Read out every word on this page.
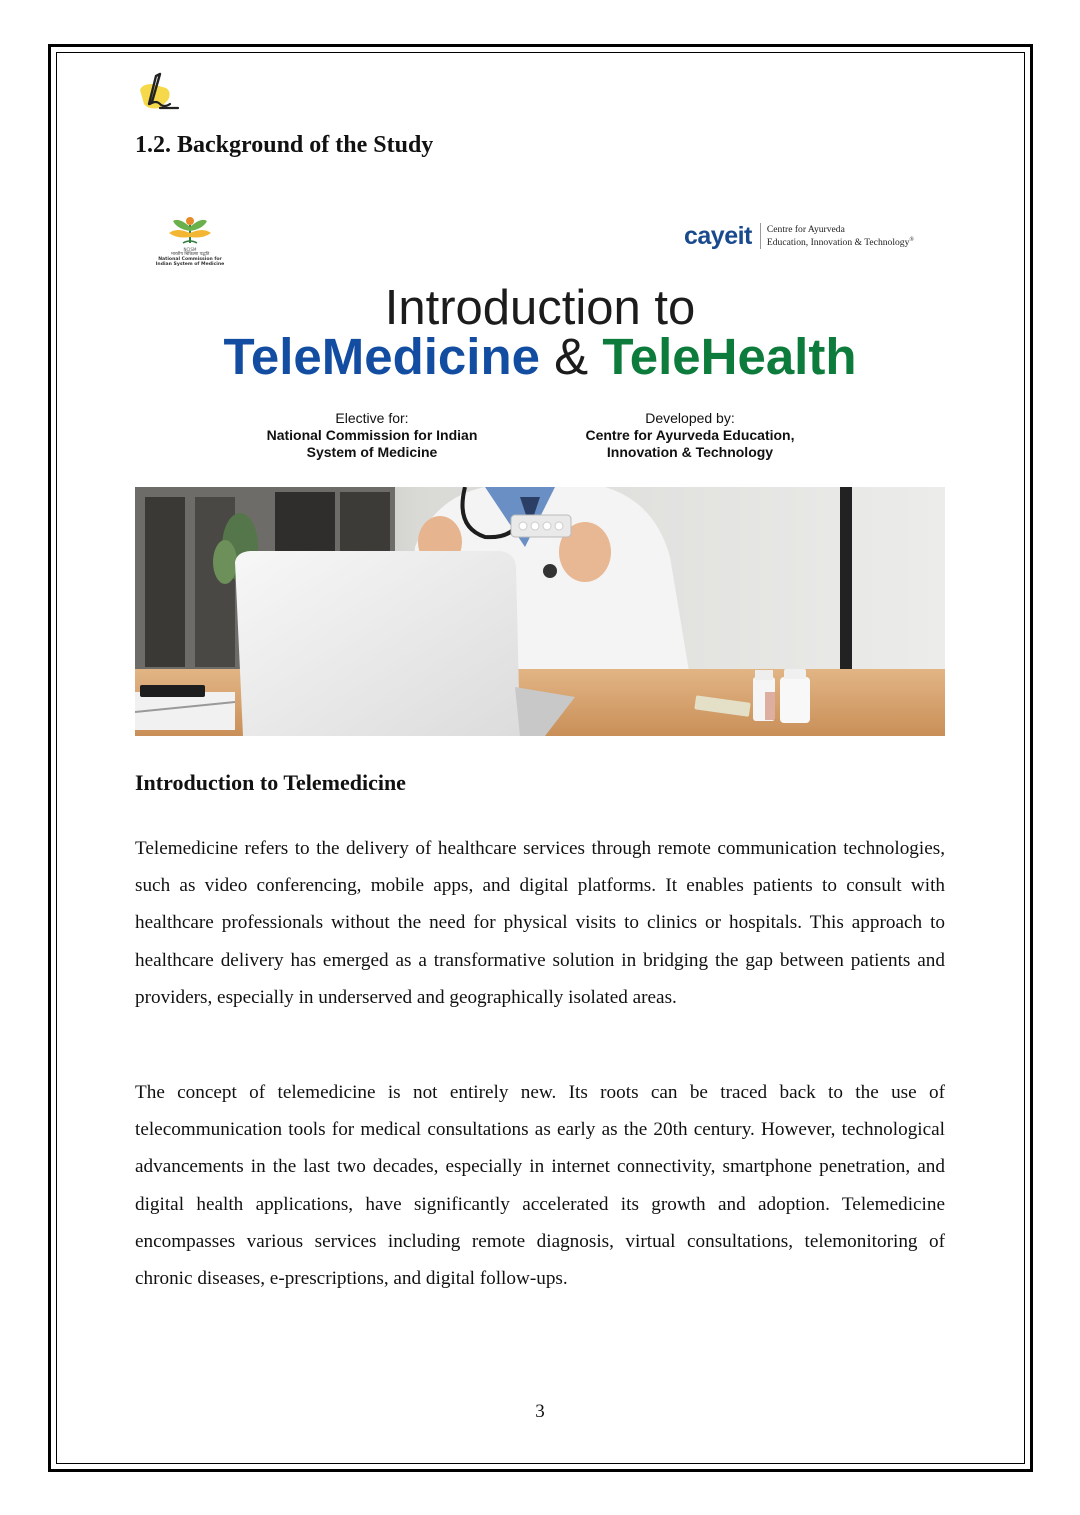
1.2. Background of the Study
NCISM
भारतीय चिकित्सा पद्धति
National Commission for
Indian System of Medicine
cayeit Centre for Ayurveda
Education, Innovation & Technology®
Introduction to
TeleMedicine & TeleHealth
Elective for:
National Commission for Indian
System of Medicine
Developed by:
Centre for Ayurveda Education,
Innovation & Technology
Introduction to Telemedicine

Telemedicine refers to the delivery of healthcare services through remote communication technologies, such as video conferencing, mobile apps, and digital platforms. It enables patients to consult with healthcare professionals without the need for physical visits to clinics or hospitals. This approach to healthcare delivery has emerged as a transformative solution in bridging the gap between patients and providers, especially in underserved and geographically isolated areas.

The concept of telemedicine is not entirely new. Its roots can be traced back to the use of telecommunication tools for medical consultations as early as the 20th century. However, technological advancements in the last two decades, especially in internet connectivity, smartphone penetration, and digital health applications, have significantly accelerated its growth and adoption. Telemedicine encompasses various services including remote diagnosis, virtual consultations, telemonitoring of chronic diseases, e-prescriptions, and digital follow-ups.

3
